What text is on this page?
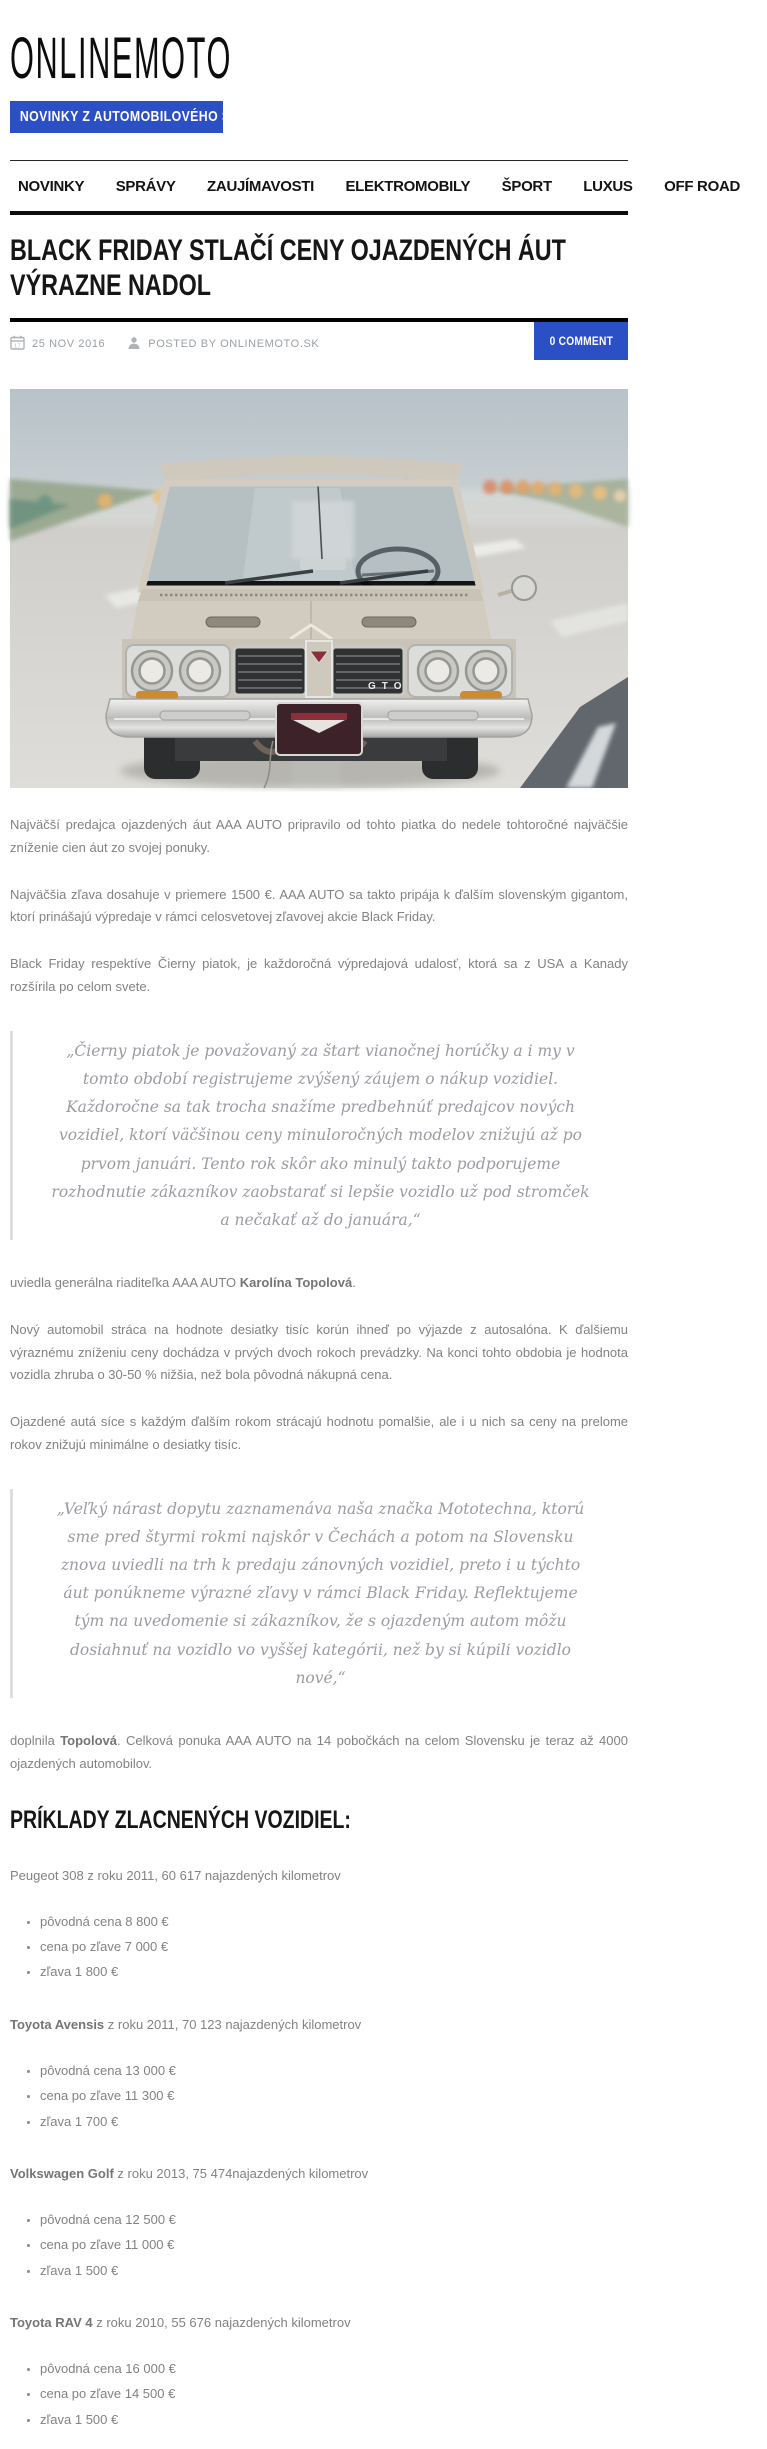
ONLINEMOTO
NOVINKY Z AUTOMOBILOVÉHO SVETA
NOVINKY SPRÁVY ZAUJÍMAVOSTI ELEKTROMOBILY ŠPORT LUXUS OFF ROAD
BLACK FRIDAY STLAČÍ CENY OJAZDENÝCH ÁUT VÝRAZNE NADOL
17 25 NOV 2016	POSTED BY ONLINEMOTO.SK	0 COMMENT
GTO

Najväčší predajca ojazdených áut AAA AUTO pripravilo od tohto piatka do nedele tohtoročné najväčšie zníženie cien áut zo svojej ponuky.

Najväčšia zľava dosahuje v priemere 1500 €. AAA AUTO sa takto pripája k ďalším slovenským gigantom, ktorí prinášajú výpredaje v rámci celosvetovej zľavovej akcie Black Friday.

Black Friday respektíve Čierny piatok, je každoročná výpredajová udalosť, ktorá sa z USA a Kanady rozšírila po celom svete.

„Čierny piatok je považovaný za štart vianočnej horúčky a i my v tomto období registrujeme zvýšený záujem o nákup vozidiel. Každoročne sa tak trocha snažíme predbehnúť predajcov nových vozidiel, ktorí väčšinou ceny minuloročných modelov znižujú až po prvom januári. Tento rok skôr ako minulý takto podporujeme rozhodnutie zákazníkov zaobstarať si lepšie vozidlo už pod stromček a nečakať až do januára,“

uviedla generálna riaditeľka AAA AUTO Karolína Topolová.

Nový automobil stráca na hodnote desiatky tisíc korún ihneď po výjazde z autosalóna. K ďalšiemu výraznému zníženiu ceny dochádza v prvých dvoch rokoch prevádzky. Na konci tohto obdobia je hodnota vozidla zhruba o 30-50 % nižšia, než bola pôvodná nákupná cena.

Ojazdené autá síce s každým ďalším rokom strácajú hodnotu pomalšie, ale i u nich sa ceny na prelome rokov znižujú minimálne o desiatky tisíc.

„Veľký nárast dopytu zaznamenáva naša značka Mototechna, ktorú sme pred štyrmi rokmi najskôr v Čechách a potom na Slovensku znova uviedli na trh k predaju zánovných vozidiel, preto i u týchto áut ponúkneme výrazné zľavy v rámci Black Friday. Reflektujeme tým na uvedomenie si zákazníkov, že s ojazdeným autom môžu dosiahnuť na vozidlo vo vyššej kategórii, než by si kúpili vozidlo nové,“

doplnila Topolová. Celková ponuka AAA AUTO na 14 pobočkách na celom Slovensku je teraz až 4000 ojazdených automobilov.

PRÍKLADY ZLACNENÝCH VOZIDIEL:

Peugeot 308 z roku 2011, 60 617 najazdených kilometrov

• pôvodná cena 8 800 €
• cena po zľave 7 000 €
• zľava 1 800 €

Toyota Avensis z roku 2011, 70 123 najazdených kilometrov

• pôvodná cena 13 000 €
• cena po zľave 11 300 €
• zľava 1 700 €

Volkswagen Golf z roku 2013, 75 474najazdených kilometrov

• pôvodná cena 12 500 €
• cena po zľave 11 000 €
• zľava 1 500 €

Toyota RAV 4 z roku 2010, 55 676 najazdených kilometrov

• pôvodná cena 16 000 €
• cena po zľave 14 500 €
• zľava 1 500 €
